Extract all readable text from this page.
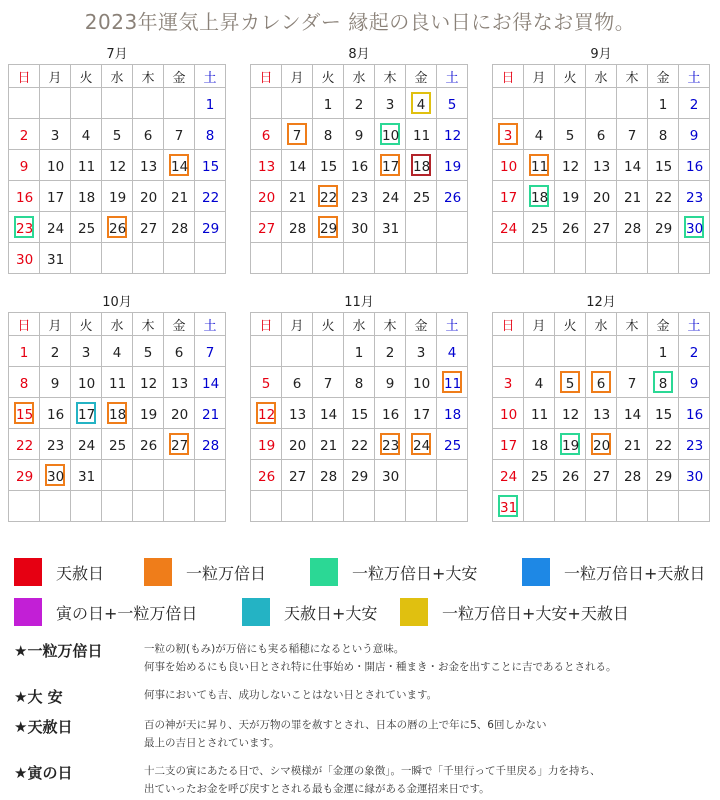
2023年運気上昇カレンダー 縁起の良い日にお得なお買物。
7月
日	月	火	水	木	金	土
						1
2	3	4	5	6	7	8
9	10	11	12	13	14	15
16	17	18	19	20	21	22
23	24	25	26	27	28	29
30	31					
8月
日	月	火	水	木	金	土
		1	2	3	4	5
6	7	8	9	10	11	12
13	14	15	16	17	18	19
20	21	22	23	24	25	26
27	28	29	30	31		

9月
日	月	火	水	木	金	土
					1	2
3	4	5	6	7	8	9
10	11	12	13	14	15	16
17	18	19	20	21	22	23
24	25	26	27	28	29	30

10月
日	月	火	水	木	金	土
1	2	3	4	5	6	7
8	9	10	11	12	13	14
15	16	17	18	19	20	21
22	23	24	25	26	27	28
29	30	31				

11月
日	月	火	水	木	金	土
			1	2	3	4
5	6	7	8	9	10	11
12	13	14	15	16	17	18
19	20	21	22	23	24	25
26	27	28	29	30		

12月
日	月	火	水	木	金	土
					1	2
3	4	5	6	7	8	9
10	11	12	13	14	15	16
17	18	19	20	21	22	23
24	25	26	27	28	29	30
31						
天赦日	一粒万倍日	一粒万倍日+大安	一粒万倍日+天赦日
寅の日+一粒万倍日	天赦日+大安	一粒万倍日+大安+天赦日
★一粒万倍日	一粒の籾(もみ)が万倍にも実る稲穂になるという意味。
何事を始めるにも良い日とされ特に仕事始め・開店・種まき・お金を出すことに吉であるとされる。
★大 安	何事においても吉、成功しないことはない日とされています。
★天赦日	百の神が天に昇り、天が万物の罪を赦すとされ、日本の暦の上で年に5、6回しかない
最上の吉日とされています。
★寅の日	十二支の寅にあたる日で、シマ模様が「金運の象徴」。一瞬で「千里行って千里戻る」力を持ち、
出ていったお金を呼び戻すとされる最も金運に縁がある金運招来日です。
